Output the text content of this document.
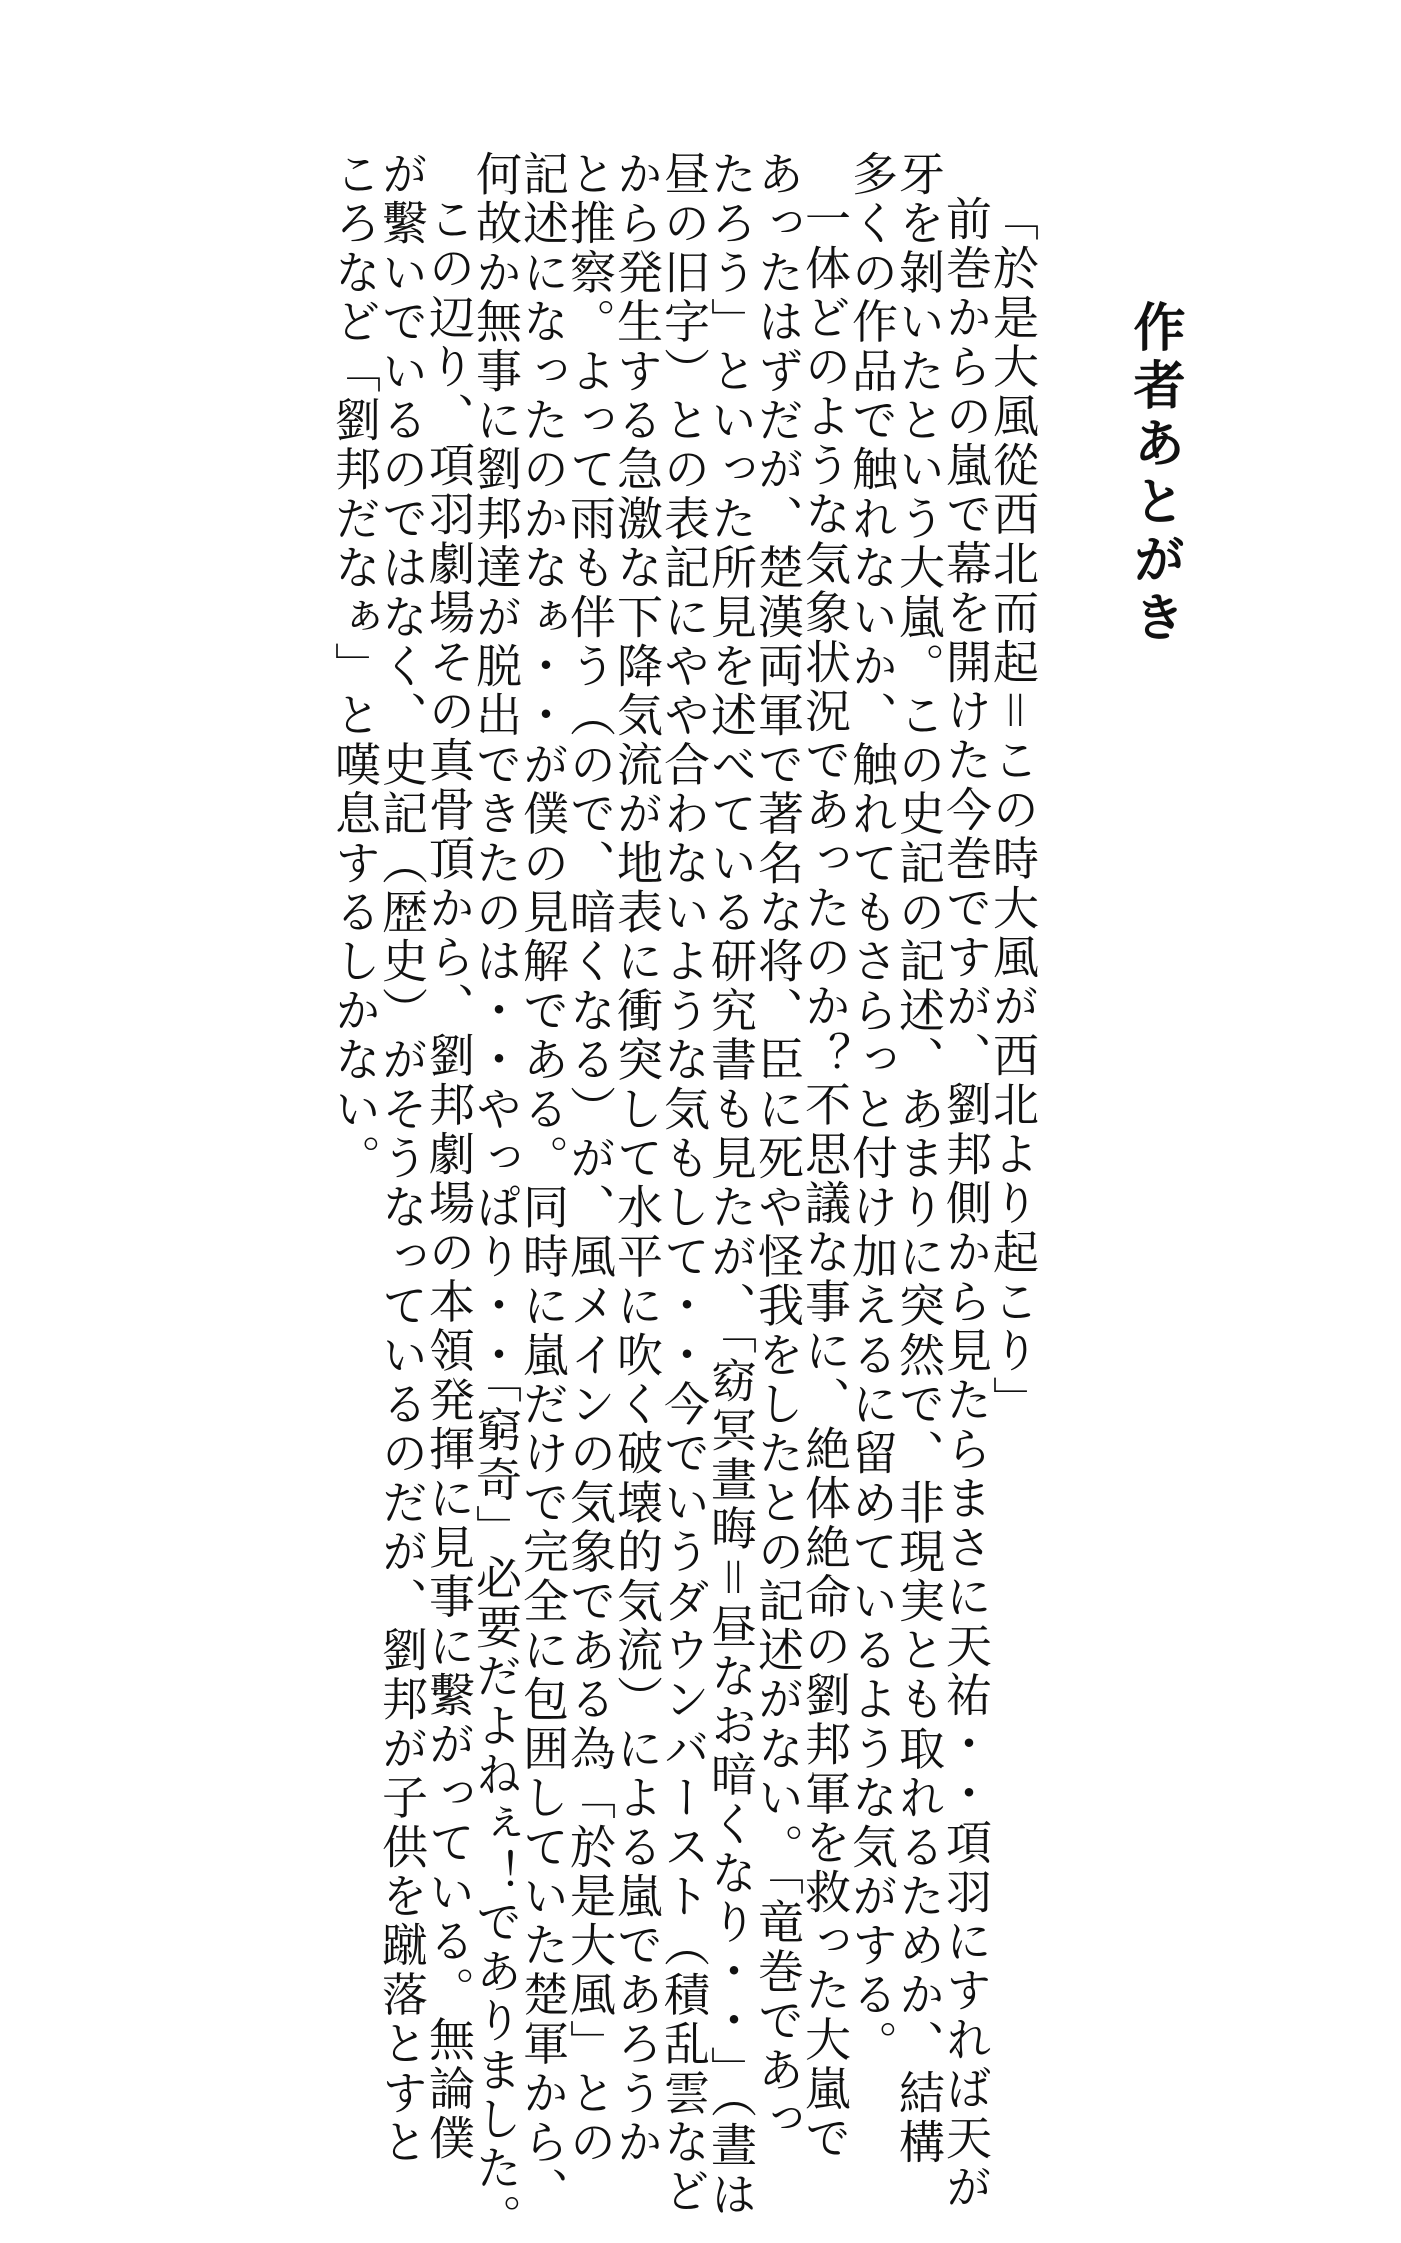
作者あとがき
「於是大風從西北而起＝この時大風が西北より起こり」
前巻からの嵐で幕を開けた今巻ですが、劉邦側から見たらまさに天祐・・項羽にすれば天が
牙を剝いたという大嵐。この史記の記述、あまりに突然で、非現実とも取れるためか、結構
多くの作品で触れないか、触れてもさらっと付け加えるに留めているような気がする。
一体どのような気象状況であったのか？不思議な事に、絶体絶命の劉邦軍を救った大嵐で
あったはずだが、楚漢両軍で著名な将、臣に死や怪我をしたとの記述がない。「竜巻であっ
たろう」といった所見を述べている研究書も見たが、「窈冥晝晦＝昼なお暗くなり・・」（晝は
昼の旧字）との表記にやや合わないような気もして・・今でいうダウンバースト（積乱雲など
から発生する急激な下降気流が地表に衝突して水平に吹く破壊的気流）による嵐であろうか
と推察。よって雨も伴う（ので、暗くなる）が、風メインの気象である為「於是大風」との
記述になったのかなぁ・・が僕の見解である。同時に嵐だけで完全に包囲していた楚軍から、
何故か無事に劉邦達が脱出できたのは・・やっぱり・・「窮奇」必要だよねぇ！でありました。
この辺り、項羽劇場その真骨頂から、劉邦劇場の本領発揮に見事に繫がっている。無論僕
が繫いでいるのではなく、史記（歴史）がそうなっているのだが、劉邦が子供を蹴落とすと
ころなど「劉邦だなぁ」と嘆息するしかない。
